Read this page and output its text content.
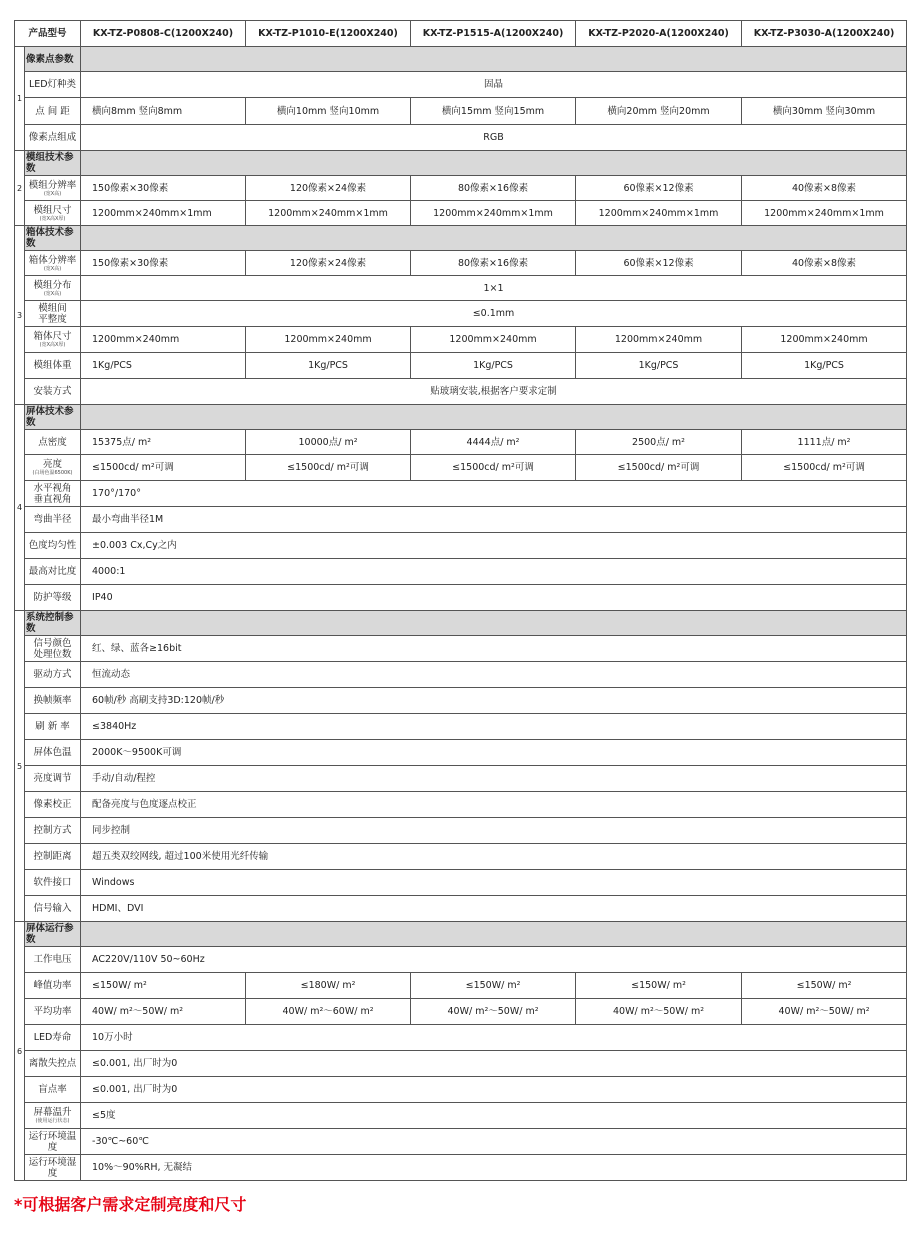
产品型号		KX-TZ-P0808-C(1200X240)	KX-TZ-P1010-E(1200X240)	KX-TZ-P1515-A(1200X240)	KX-TZ-P2020-A(1200X240)	KX-TZ-P3030-A(1200X240)
1	像素点参数					

	LED灯种类	固晶				

	点 间 距	横向8mm 竖向8mm	横向10mm 竖向10mm	横向15mm 竖向15mm	横向20mm 竖向20mm	横向30mm 竖向30mm

	像素点组成	RGB				
2	模组技术参数					

	模组分辨率
(宽X高)	150像素×30像素	120像素×24像素	80像素×16像素	60像素×12像素	40像素×8像素

	模组尺寸
(宽X高X厚)	1200mm×240mm×1mm	1200mm×240mm×1mm	1200mm×240mm×1mm	1200mm×240mm×1mm	1200mm×240mm×1mm
3	箱体技术参数					

	箱体分辨率
(宽X高)	150像素×30像素	120像素×24像素	80像素×16像素	60像素×12像素	40像素×8像素

	模组分布
(宽X高)	1×1				

	模组间
平整度	≤0.1mm				

	箱体尺寸
(宽X高X厚)	1200mm×240mm	1200mm×240mm	1200mm×240mm	1200mm×240mm	1200mm×240mm

	模组体重	1Kg/PCS	1Kg/PCS	1Kg/PCS	1Kg/PCS	1Kg/PCS

	安装方式	贴玻璃安装,根据客户要求定制				
4	屏体技术参数					

	点密度	15375点/ m²	10000点/ m²	4444点/ m²	2500点/ m²	1111点/ m²

	亮度
(白场色温6500K)	≤1500cd/ m²可调	≤1500cd/ m²可调	≤1500cd/ m²可调	≤1500cd/ m²可调	≤1500cd/ m²可调

	水平视角
垂直视角	170°/170°				

	弯曲半径	最小弯曲半径1M				

	色度均匀性	±0.003 Cx,Cy之内				

	最高对比度	4000:1				

	防护等级	IP40				
5	系统控制参数					

	信号颜色
处理位数	红、绿、蓝各≥16bit				

	驱动方式	恒流动态				

	换帧频率	60帧/秒 高刷支持3D:120帧/秒				

	刷 新 率	≤3840Hz				

	屏体色温	2000K～9500K可调				

	亮度调节	手动/自动/程控				

	像素校正	配备亮度与色度逐点校正				

	控制方式	同步控制				

	控制距离	超五类双绞网线, 超过100米使用光纤传输				

	软件接口	Windows				

	信号输入	HDMI、DVI				
6	屏体运行参数					

	工作电压	AC220V/110V 50~60Hz				

	峰值功率	≤150W/ m²	≤180W/ m²	≤150W/ m²	≤150W/ m²	≤150W/ m²

	平均功率	40W/ m²～50W/ m²	40W/ m²～60W/ m²	40W/ m²～50W/ m²	40W/ m²～50W/ m²	40W/ m²～50W/ m²

	LED寿命	10万小时				

	离散失控点	≤0.001, 出厂时为0				

	盲点率	≤0.001, 出厂时为0				

	屏幕温升
(使用运行状态)	≤5度				

	运行环境温度	-30℃~60℃				

	运行环境湿度	10%～90%RH, 无凝结				
*可根据客户需求定制亮度和尺寸
